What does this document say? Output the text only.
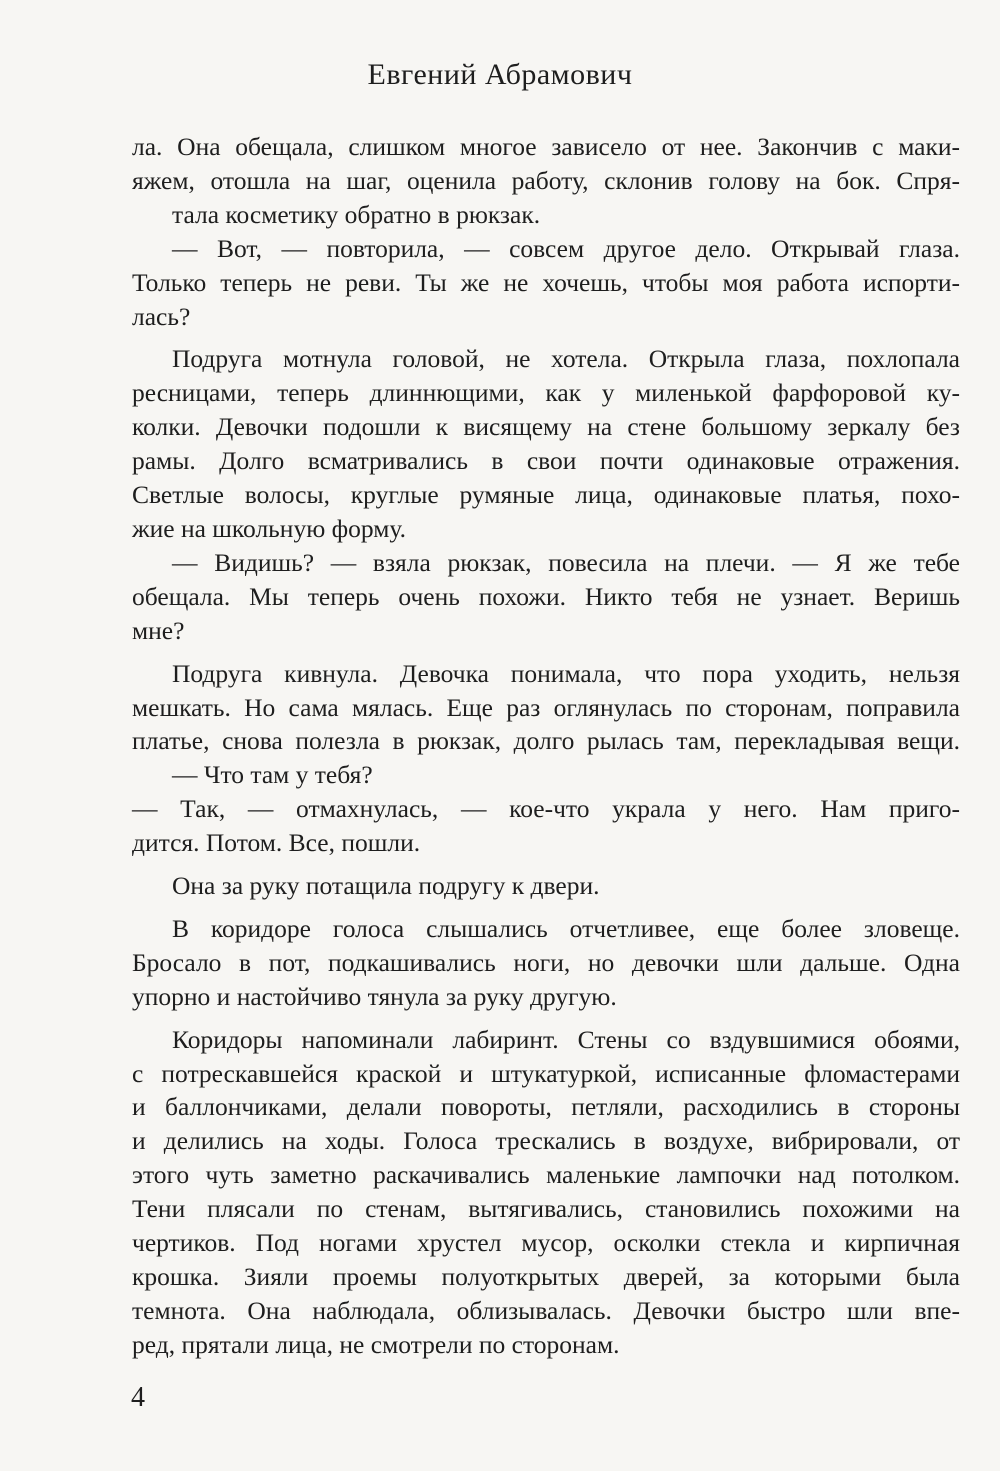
Евгений Абрамович
ла. Она обещала, слишком многое зависело от нее. Закончив с маки-
яжем, отошла на шаг, оценила работу, склонив голову на бок. Спря-
тала косметику обратно в рюкзак.
— Вот, — повторила, — совсем другое дело. Открывай глаза.
Только теперь не реви. Ты же не хочешь, чтобы моя работа испорти-
лась?
Подруга мотнула головой, не хотела. Открыла глаза, похлопала
ресницами, теперь длиннющими, как у миленькой фарфоровой ку-
колки. Девочки подошли к висящему на стене большому зеркалу без
рамы. Долго всматривались в свои почти одинаковые отражения.
Светлые волосы, круглые румяные лица, одинаковые платья, похо-
жие на школьную форму.
— Видишь? — взяла рюкзак, повесила на плечи. — Я же тебе
обещала. Мы теперь очень похожи. Никто тебя не узнает. Веришь
мне?
Подруга кивнула. Девочка понимала, что пора уходить, нельзя
мешкать. Но сама мялась. Еще раз оглянулась по сторонам, поправила
платье, снова полезла в рюкзак, долго рылась там, перекладывая вещи.
— Что там у тебя?
— Так, — отмахнулась, — кое-что украла у него. Нам приго-
дится. Потом. Все, пошли.
Она за руку потащила подругу к двери.
В коридоре голоса слышались отчетливее, еще более зловеще.
Бросало в пот, подкашивались ноги, но девочки шли дальше. Одна
упорно и настойчиво тянула за руку другую.
Коридоры напоминали лабиринт. Стены со вздувшимися обоями,
с потрескавшейся краской и штукатуркой, исписанные фломастерами
и баллончиками, делали повороты, петляли, расходились в стороны
и делились на ходы. Голоса трескались в воздухе, вибрировали, от
этого чуть заметно раскачивались маленькие лампочки над потолком.
Тени плясали по стенам, вытягивались, становились похожими на
чертиков. Под ногами хрустел мусор, осколки стекла и кирпичная
крошка. Зияли проемы полуоткрытых дверей, за которыми была
темнота. Она наблюдала, облизывалась. Девочки быстро шли впе-
ред, прятали лица, не смотрели по сторонам.
4
